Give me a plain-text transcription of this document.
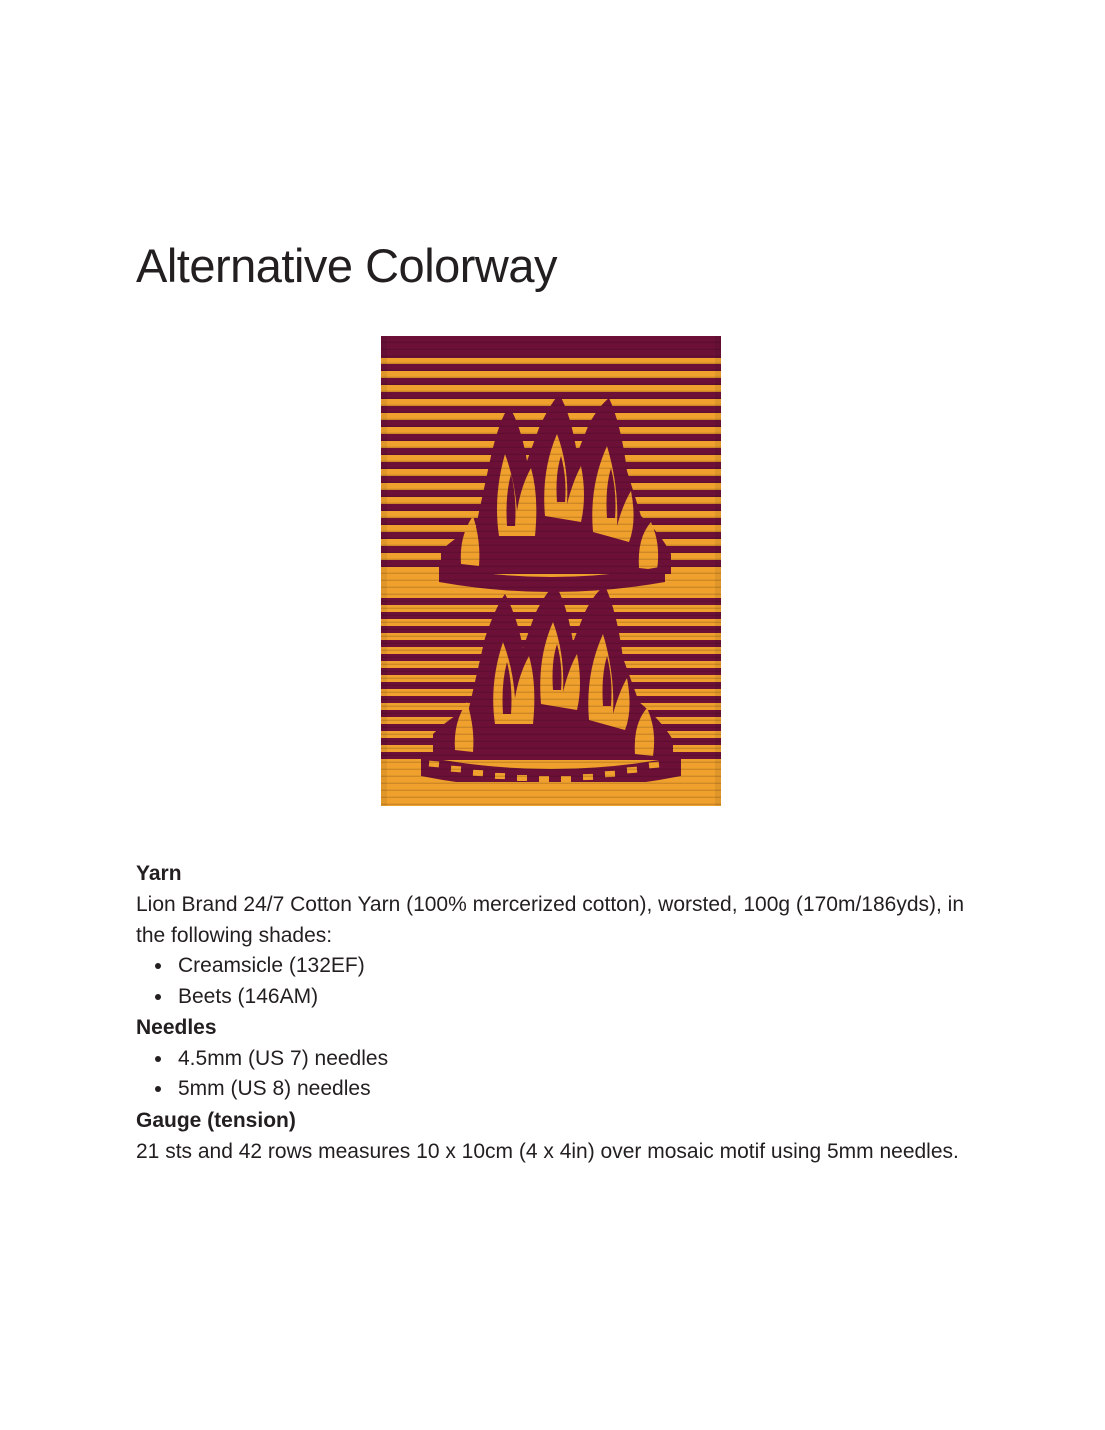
Alternative Colorway
Yarn

Lion Brand 24/7 Cotton Yarn (100% mercerized cotton), worsted, 100g (170m/186yds), in the following shades:

• Creamsicle (132EF)
• Beets (146AM)
Needles
• 4.5mm (US 7) needles
• 5mm (US 8) needles
Gauge (tension)

21 sts and 42 rows measures 10 x 10cm (4 x 4in) over mosaic motif using 5mm needles.
